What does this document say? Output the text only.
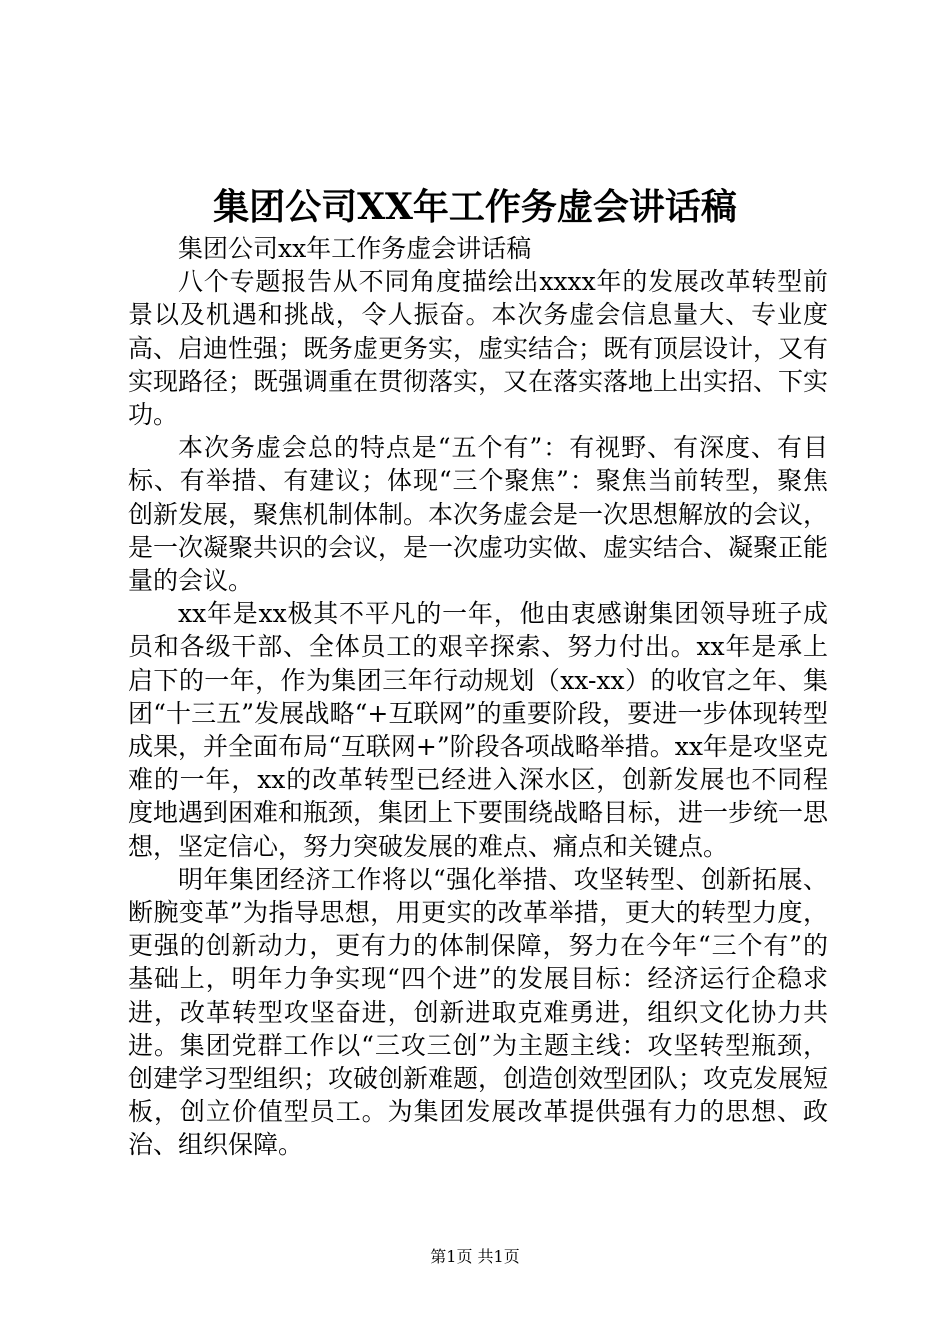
集团公司XX年工作务虚会讲话稿

集团公司xx年工作务虚会讲话稿

八个专题报告从不同角度描绘出xxxx年的发展改革转型前景以及机遇和挑战，令人振奋。本次务虚会信息量大、专业度高、启迪性强；既务虚更务实，虚实结合；既有顶层设计，又有实现路径；既强调重在贯彻落实，又在落实落地上出实招、下实功。

本次务虚会总的特点是“五个有”：有视野、有深度、有目标、有举措、有建议；体现“三个聚焦”：聚焦当前转型，聚焦创新发展，聚焦机制体制。本次务虚会是一次思想解放的会议，是一次凝聚共识的会议，是一次虚功实做、虚实结合、凝聚正能量的会议。

xx年是xx极其不平凡的一年，他由衷感谢集团领导班子成员和各级干部、全体员工的艰辛探索、努力付出。xx年是承上启下的一年，作为集团三年行动规划（xx-xx）的收官之年、集团“十三五”发展战略“+互联网”的重要阶段，要进一步体现转型成果，并全面布局“互联网+”阶段各项战略举措。xx年是攻坚克难的一年，xx的改革转型已经进入深水区，创新发展也不同程度地遇到困难和瓶颈，集团上下要围绕战略目标，进一步统一思想，坚定信心，努力突破发展的难点、痛点和关键点。

明年集团经济工作将以“强化举措、攻坚转型、创新拓展、断腕变革”为指导思想，用更实的改革举措，更大的转型力度，更强的创新动力，更有力的体制保障，努力在今年“三个有”的基础上，明年力争实现“四个进”的发展目标：经济运行企稳求进，改革转型攻坚奋进，创新进取克难勇进，组织文化协力共进。集团党群工作以“三攻三创”为主题主线：攻坚转型瓶颈，创建学习型组织；攻破创新难题，创造创效型团队；攻克发展短板，创立价值型员工。为集团发展改革提供强有力的思想、政治、组织保障。

第1页 共1页
